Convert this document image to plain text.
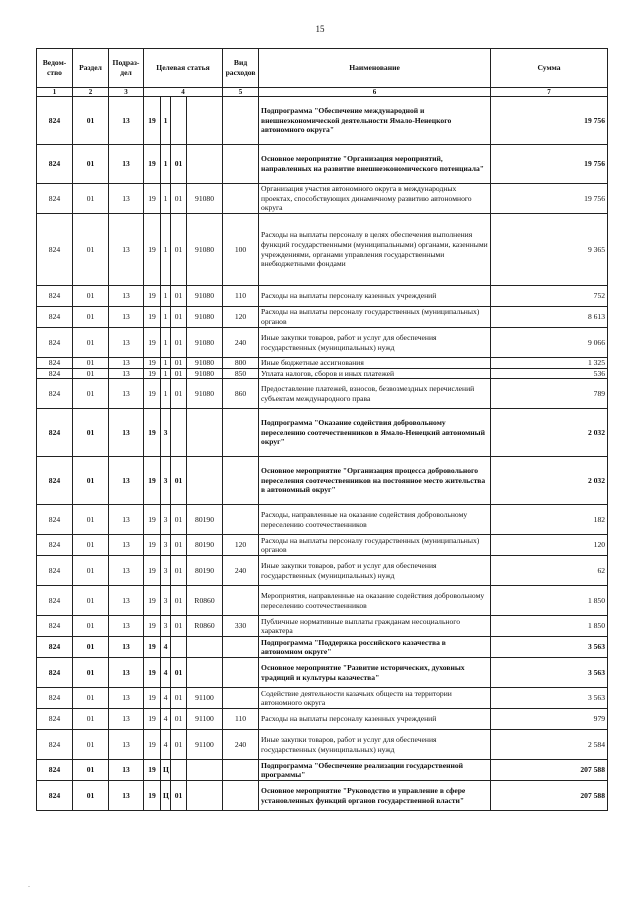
15
Ведом-ство	Раздел	Подраз-дел	Целевая статья				Вид расходов	Наименование	Сумма
1	2	3	4				5	6	7
824	01	13	19	1				Подпрограмма "Обеспечение международной и внешнеэкономической деятельности Ямало-Ненецкого автономного округа"	19 756
824	01	13	19	1	01			Основное мероприятие "Организация мероприятий, направленных на развитие внешнеэкономического потенциала"	19 756
824	01	13	19	1	01	91080		Организация участия автономного округа в международных проектах, способствующих динамичному развитию автономного округа	19 756
824	01	13	19	1	01	91080	100	Расходы на выплаты персоналу в целях обеспечения выполнения функций государственными (муниципальными) органами, казенными учреждениями, органами управления государственными внебюджетными фондами	9 365
824	01	13	19	1	01	91080	110	Расходы на выплаты персоналу казенных учреждений	752
824	01	13	19	1	01	91080	120	Расходы на выплаты персоналу государственных (муниципальных) органов	8 613
824	01	13	19	1	01	91080	240	Иные закупки товаров, работ и услуг для обеспечения государственных (муниципальных) нужд	9 066
824	01	13	19	1	01	91080	800	Иные бюджетные ассигнования	1 325
824	01	13	19	1	01	91080	850	Уплата налогов, сборов и иных платежей	536
824	01	13	19	1	01	91080	860	Предоставление платежей, взносов, безвозмездных перечислений субъектам международного права	789
824	01	13	19	3				Подпрограмма "Оказание содействия добровольному переселению соотечественников в Ямало-Ненецкий автономный округ"	2 032
824	01	13	19	3	01			Основное мероприятие "Организация процесса добровольного переселения соотечественников на постоянное место жительства в автономный округ"	2 032
824	01	13	19	3	01	80190		Расходы, направленные на оказание содействия добровольному переселению соотечественников	182
824	01	13	19	3	01	80190	120	Расходы на выплаты персоналу государственных (муниципальных) органов	120
824	01	13	19	3	01	80190	240	Иные закупки товаров, работ и услуг для обеспечения государственных (муниципальных) нужд	62
824	01	13	19	3	01	R0860		Мероприятия, направленные на оказание содействия добровольному переселению соотечественников	1 850
824	01	13	19	3	01	R0860	330	Публичные нормативные выплаты гражданам несоциального характера	1 850
824	01	13	19	4				Подпрограмма "Поддержка российского казачества в автономном округе"	3 563
824	01	13	19	4	01			Основное мероприятие "Развитие исторических, духовных традиций и культуры казачества"	3 563
824	01	13	19	4	01	91100		Содействие деятельности казачьих обществ на территории автономного округа	3 563
824	01	13	19	4	01	91100	110	Расходы на выплаты персоналу казенных учреждений	979
824	01	13	19	4	01	91100	240	Иные закупки товаров, работ и услуг для обеспечения государственных (муниципальных) нужд	2 584
824	01	13	19	Ц				Подпрограмма "Обеспечение реализации государственной программы"	207 588
824	01	13	19	Ц	01			Основное мероприятие "Руководство и управление в сфере установленных функций органов государственной власти"	207 588
.
